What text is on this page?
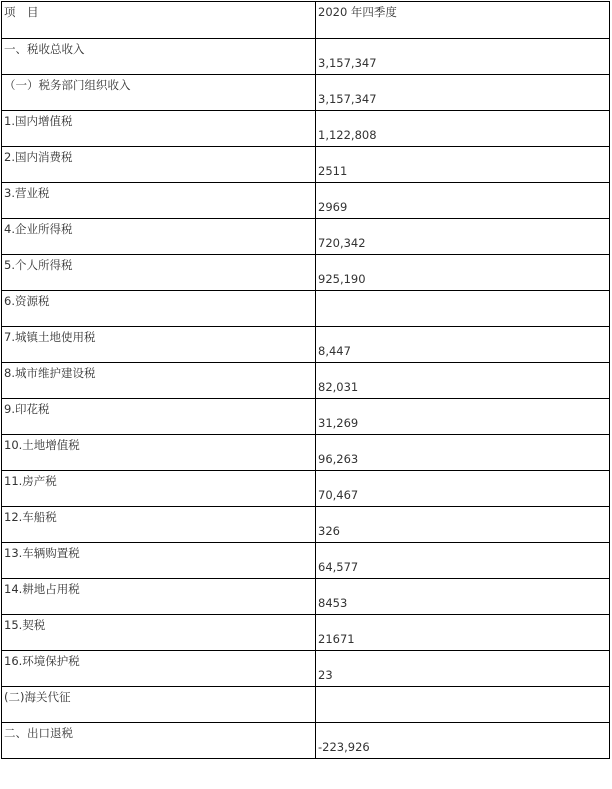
项　目	2020 年四季度
一、税收总收入	3,157,347
（一）税务部门组织收入	3,157,347
1.国内增值税	1,122,808
2.国内消费税	2511
3.营业税	2969
4.企业所得税	720,342
5.个人所得税	925,190
6.资源税	
7.城镇土地使用税	8,447
8.城市维护建设税	82,031
9.印花税	31,269
10.土地增值税	96,263
11.房产税	70,467
12.车船税	326
13.车辆购置税	64,577
14.耕地占用税	8453
15.契税	21671
16.环境保护税	23
(二)海关代征	
二、出口退税	-223,926
